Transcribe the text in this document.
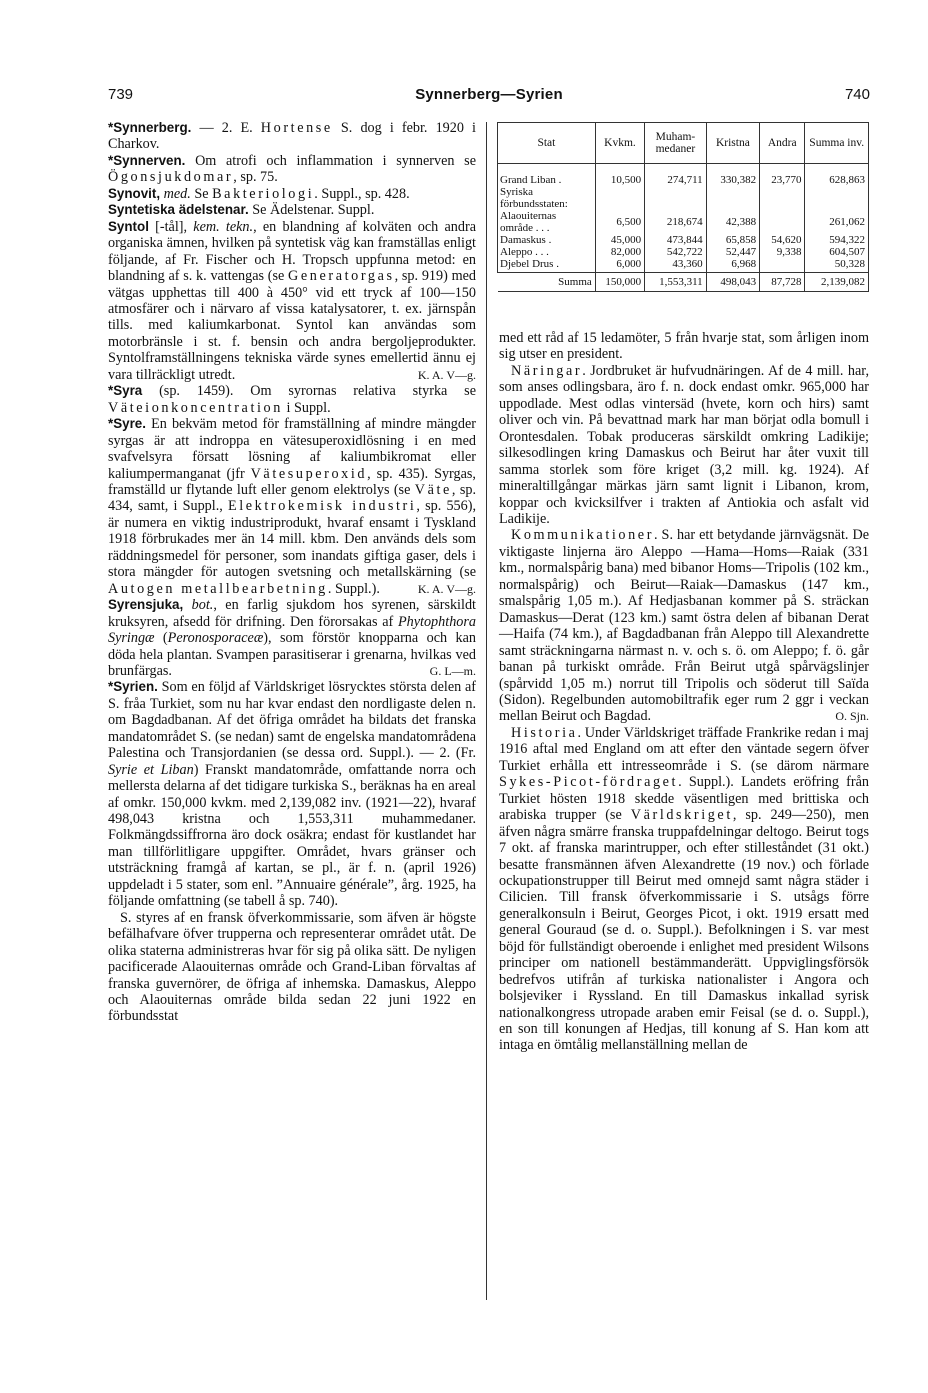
739	Synnerberg—Syrien	740

*Synnerberg. — 2. E. Hortense S. dog i febr. 1920 i Charkov.

*Synnerven. Om atrofi och inflammation i synnerven se Ögonsjukdomar, sp. 75.

Synovit, med. Se Bakteriologi. Suppl., sp. 428.

Syntetiska ädelstenar. Se Ädelstenar. Suppl.

Syntol [-tål], kem. tekn., en blandning af kolväten och andra organiska ämnen, hvilken på syntetisk väg kan framställas enligt följande, af Fr. Fischer och H. Tropsch uppfunna metod: en blandning af s. k. vattengas (se Generatorgas, sp. 919) med vätgas upphettas till 400 à 450° vid ett tryck af 100—150 atmosfärer och i närvaro af vissa katalysatorer, t. ex. järnspån tills. med kaliumkarbonat. Syntol kan användas som motorbränsle i st. f. bensin och andra bergoljeprodukter. Syntolframställningens tekniska värde synes emellertid ännu ej vara tillräckligt utredt.	K. A. V—g.

*Syra (sp. 1459). Om syrornas relativa styrka se Väteionkoncentration i Suppl.

*Syre. En bekväm metod för framställning af mindre mängder syrgas är att indroppa en vätesuperoxidlösning i en med svafvelsyra försatt lösning af kaliumbikromat eller kaliumpermanganat (jfr Vätesuperoxid, sp. 435). Syrgas, framställd ur flytande luft eller genom elektrolys (se Väte, sp. 434, samt, i Suppl., Elektrokemisk industri, sp. 556), är numera en viktig industriprodukt, hvaraf ensamt i Tyskland 1918 förbrukades mer än 14 mill. kbm. Den används dels som räddningsmedel för personer, som inandats giftiga gaser, dels i stora mängder för autogen svetsning och metallskärning (se Autogen metallbearbetning. Suppl.).	K. A. V—g.

Syrensjuka, bot., en farlig sjukdom hos syrenen, särskildt kruksyren, afsedd för drifning. Den förorsakas af Phytophthora Syringæ (Peronosporaceæ), som förstör knopparna och kan döda hela plantan. Svampen parasitiserar i grenarna, hvilkas ved brunfärgas.	G. L—m.

*Syrien. Som en följd af Världskriget lösrycktes största delen af S. fråa Turkiet, som nu har kvar endast den nordligaste delen n. om Bagdadbanan. Af det öfriga området ha bildats det franska mandatområdet S. (se nedan) samt de engelska mandatområdena Palestina och Transjordanien (se dessa ord. Suppl.). — 2. (Fr. Syrie et Liban) Franskt mandatområde, omfattande norra och mellersta delarna af det tidigare turkiska S., beräknas ha en areal af omkr. 150,000 kvkm. med 2,139,082 inv. (1921—22), hvaraf 498,043 kristna och 1,553,311 muhammedaner. Folkmängdssiffrorna äro dock osäkra; endast för kustlandet har man tillförlitligare uppgifter. Området, hvars gränser och utsträckning framgå af kartan, se pl., är f. n. (april 1926) uppdeladt i 5 stater, som enl. ”Annuaire générale”, årg. 1925, ha följande omfattning (se tabell å sp. 740).

S. styres af en fransk öfverkommissarie, som äfven är högste befälhafvare öfver trupperna och representerar området utåt. De olika staterna administreras hvar för sig på olika sätt. De nyligen pacificerade Alaouiternas område och Grand-Liban förvaltas af franska guvernörer, de öfriga af inhemska. Damaskus, Aleppo och Alaouiternas område bilda sedan 22 juni 1922 en förbundsstat

Stat	Kvkm.	Muham-medaner	Kristna	Andra	Summa inv.
Grand Liban .	10,500	274,711	330,382	23,770	628,863
Syriska förbundsstaten:					
Alaouiternas område . . .	6,500	218,674	42,388		261,062
Damaskus .	45,000	473,844	65,858	54,620	594,322
Aleppo . . .	82,000	542,722	52,447	9,338	604,507
Djebel Drus .	6,000	43,360	6,968		50,328
Summa	150,000	1,553,311	498,043	87,728	2,139,082

med ett råd af 15 ledamöter, 5 från hvarje stat, som årligen inom sig utser en president.

Näringar. Jordbruket är hufvudnäringen. Af de 4 mill. har, som anses odlingsbara, äro f. n. dock endast omkr. 965,000 har uppodlade. Mest odlas vintersäd (hvete, korn och hirs) samt oliver och vin. På bevattnad mark har man börjat odla bomull i Orontesdalen. Tobak produceras särskildt omkring Ladikije; silkesodlingen kring Damaskus och Beirut har åter vuxit till samma storlek som före kriget (3,2 mill. kg. 1924). Af mineraltillgångar märkas järn samt lignit i Libanon, krom, koppar och kvicksilfver i trakten af Antiokia och asfalt vid Ladikije.

Kommunikationer. S. har ett betydande järnvägsnät. De viktigaste linjerna äro Aleppo —Hama—Homs—Raiak (331 km., normalspårig bana) med bibanor Homs—Tripolis (102 km., normalspårig) och Beirut—Raiak—Damaskus (147 km., smalspårig 1,05 m.). Af Hedjasbanan kommer på S. sträckan Damaskus—Derat (123 km.) samt östra delen af bibanan Derat—Haifa (74 km.), af Bagdadbanan från Aleppo till Alexandrette samt sträckningarna närmast n. v. och s. ö. om Aleppo; f. ö. går banan på turkiskt område. Från Beirut utgå spårvägslinjer (spårvidd 1,05 m.) norrut till Tripolis och söderut till Saïda (Sidon). Regelbunden automobiltrafik eger rum 2 ggr i veckan mellan Beirut och Bagdad.	O. Sjn.

Historia. Under Världskriget träffade Frankrike redan i maj 1916 aftal med England om att efter den väntade segern öfver Turkiet erhålla ett intresseområde i S. (se därom närmare Sykes-Picot-fördraget. Suppl.). Landets eröfring från Turkiet hösten 1918 skedde väsentligen med brittiska och arabiska trupper (se Världskriget, sp. 249—250), men äfven några smärre franska truppafdelningar deltogo. Beirut togs 7 okt. af franska marintrupper, och efter stilleståndet (31 okt.) besatte fransmännen äfven Alexandrette (19 nov.) och förlade ockupationstrupper till Beirut med omnejd samt några städer i Cilicien. Till fransk öfverkommissarie i S. utsågs förre generalkonsuln i Beirut, Georges Picot, i okt. 1919 ersatt med general Gouraud (se d. o. Suppl.). Befolkningen i S. var mest böjd för fullständigt oberoende i enlighet med president Wilsons principer om nationell bestämmanderätt. Uppviglingsförsök bedrefvos utifrån af turkiska nationalister i Angora och bolsjeviker i Ryssland. En till Damaskus inkallad syrisk nationalkongress utropade araben emir Feisal (se d. o. Suppl.), en son till konungen af Hedjas, till konung af S. Han kom att intaga en ömtålig mellanställning mellan de
